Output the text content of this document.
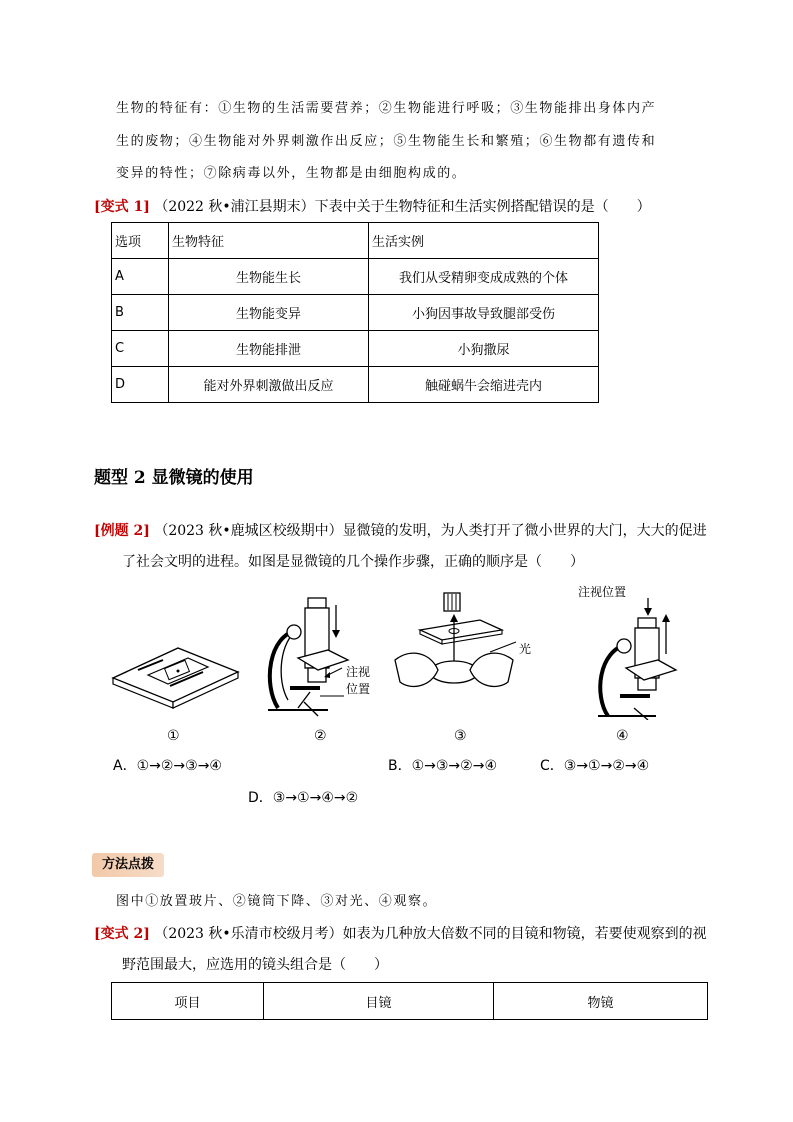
生物的特征有：①生物的生活需要营养；②生物能进行呼吸；③生物能排出身体内产
生的废物；④生物能对外界刺激作出反应；⑤生物能生长和繁殖；⑥生物都有遗传和
变异的特性；⑦除病毒以外，生物都是由细胞构成的。
[变式 1] （2022 秋•浦江县期末）下表中关于生物特征和生活实例搭配错误的是（　　）
选项	生物特征	生活实例
A	生物能生长	我们从受精卵变成成熟的个体
B	生物能变异	小狗因事故导致腿部受伤
C	生物能排泄	小狗撒尿
D	能对外界刺激做出反应	触碰蜗牛会缩进壳内
题型 2 显微镜的使用
[例题 2] （2023 秋•鹿城区校级期中）显微镜的发明，为人类打开了微小世界的大门，大大的促进
了社会文明的进程。如图是显微镜的几个操作步骤，正确的顺序是（　　）
注视
位置
光
注视位置
①	②	③	④
A．①→②→③→④	B．①→③→②→④	C．③→①→②→④
D．③→①→④→②
方法点拨
图中①放置玻片、②镜筒下降、③对光、④观察。
[变式 2] （2023 秋•乐清市校级月考）如表为几种放大倍数不同的目镜和物镜，若要使观察到的视
野范围最大，应选用的镜头组合是（　　）
项目	目镜	物镜
